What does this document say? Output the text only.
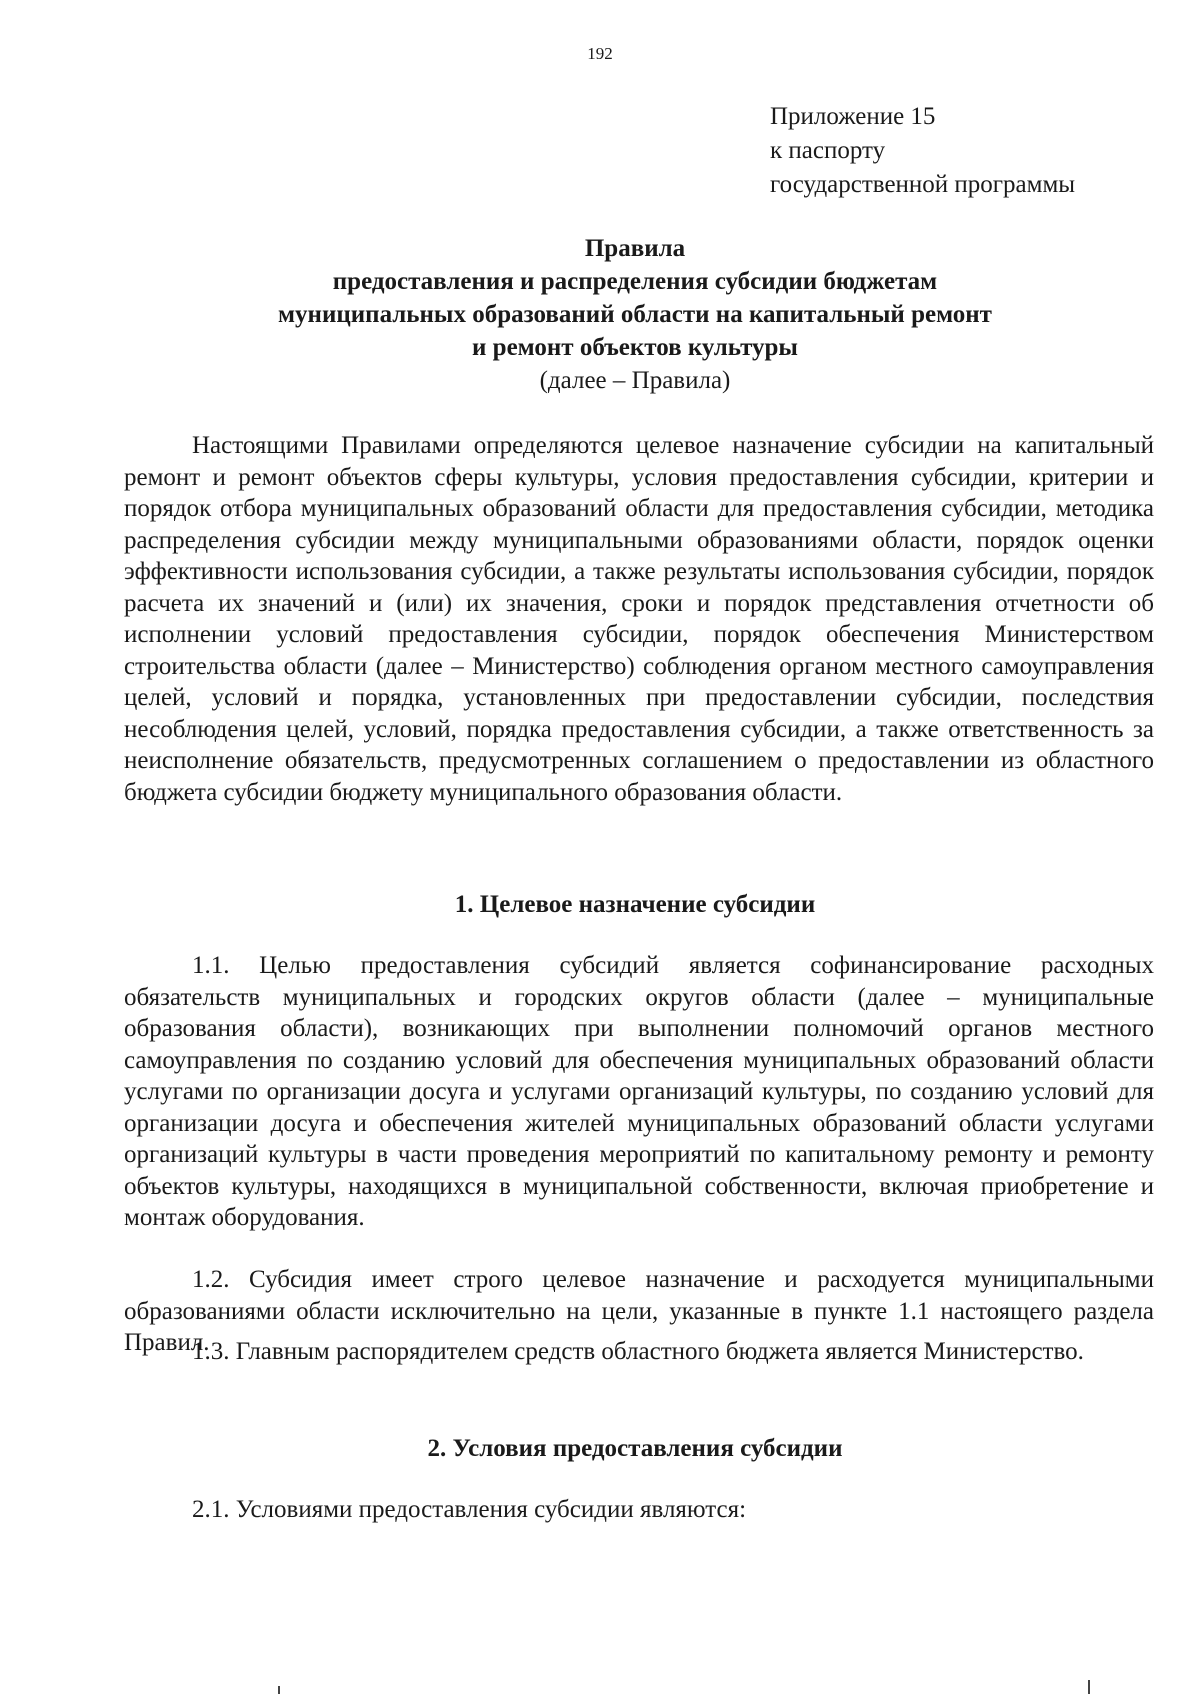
192
Приложение 15
к паспорту
государственной программы
Правила
предоставления и распределения субсидии бюджетам
муниципальных образований области на капитальный ремонт
и ремонт объектов культуры
(далее – Правила)

Настоящими Правилами определяются целевое назначение субсидии на капитальный ремонт и ремонт объектов сферы культуры, условия предоставления субсидии, критерии и порядок отбора муниципальных образований области для предоставления субсидии, методика распределения субсидии между муниципальными образованиями области, порядок оценки эффективности использования субсидии, а также результаты использования субсидии, порядок расчета их значений и (или) их значения, сроки и порядок представления отчетности об исполнении условий предоставления субсидии, порядок обеспечения Министерством строительства области (далее – Министерство) соблюдения органом местного самоуправления целей, условий и порядка, установленных при предоставлении субсидии, последствия несоблюдения целей, условий, порядка предоставления субсидии, а также ответственность за неисполнение обязательств, предусмотренных соглашением о предоставлении из областного бюджета субсидии бюджету муниципального образования области.

1. Целевое назначение субсидии

1.1. Целью предоставления субсидий является софинансирование расходных обязательств муниципальных и городских округов области (далее – муниципальные образования области), возникающих при выполнении полномочий органов местного самоуправления по созданию условий для обеспечения муниципальных образований области услугами по организации досуга и услугами организаций культуры, по созданию условий для организации досуга и обеспечения жителей муниципальных образований области услугами организаций культуры в части проведения мероприятий по капитальному ремонту и ремонту объектов культуры, находящихся в муниципальной собственности, включая приобретение и монтаж оборудования.

1.2. Субсидия имеет строго целевое назначение и расходуется муниципальными образованиями области исключительно на цели, указанные в пункте 1.1 настоящего раздела Правил.

1.3. Главным распорядителем средств областного бюджета является Министерство.

2. Условия предоставления субсидии

2.1. Условиями предоставления субсидии являются:
